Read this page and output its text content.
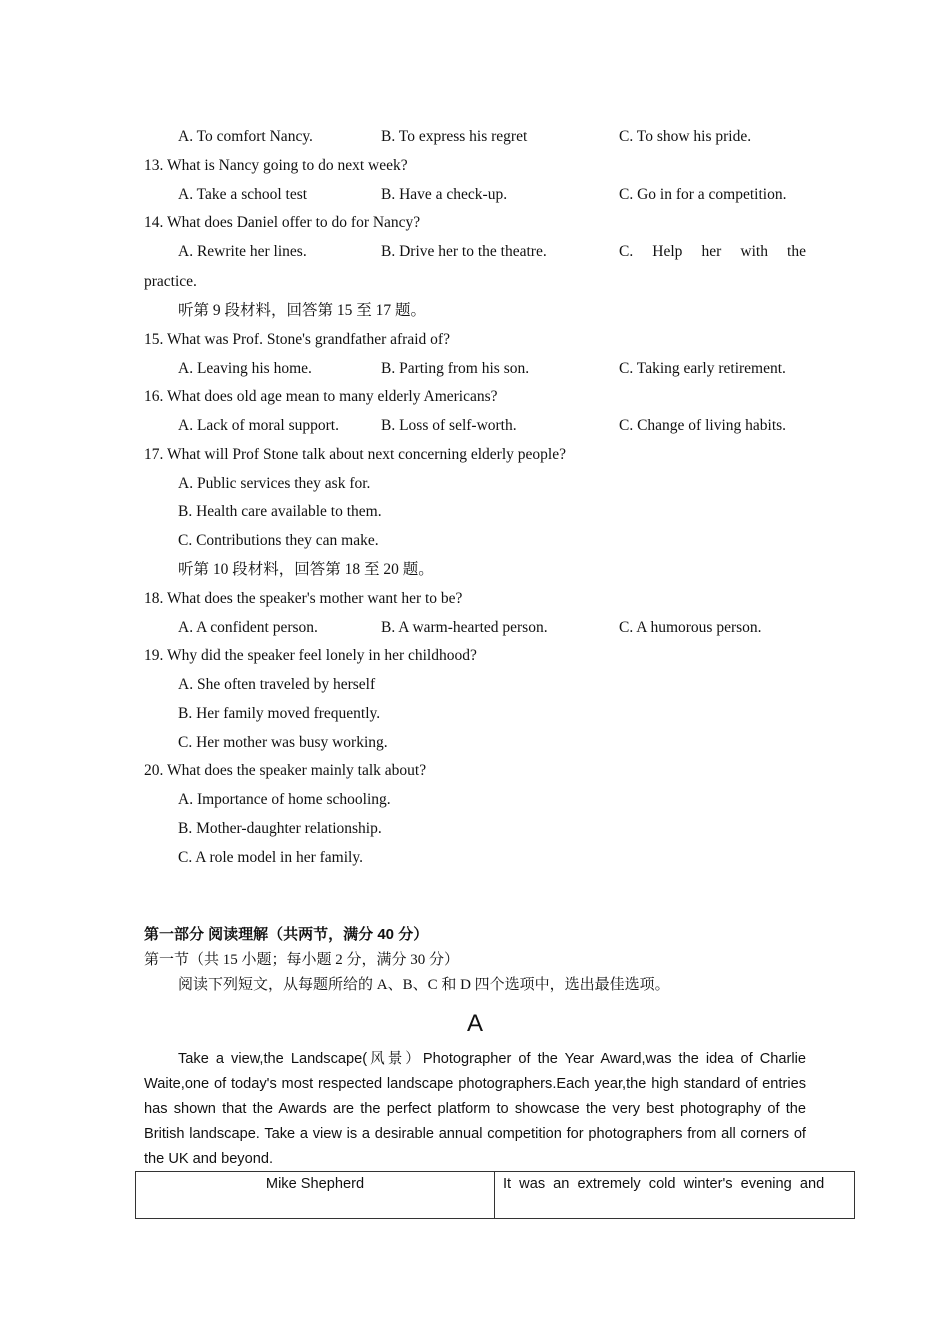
A. To comfort Nancy.	B. To express his regret	C. To show his pride.
13. What is Nancy going to do next week?
A. Take a school test	B. Have a check-up.	C. Go in for a competition.
14. What does Daniel offer to do for Nancy?
A. Rewrite her lines.	B. Drive her to the theatre.	C. Help her with the
practice.
听第 9 段材料，回答第 15 至 17 题。
15. What was Prof. Stone's grandfather afraid of?
A. Leaving his home.	B. Parting from his son.	C. Taking early retirement.
16. What does old age mean to many elderly Americans?
A. Lack of moral support.	B. Loss of self-worth.	C. Change of living habits.
17. What will Prof Stone talk about next concerning elderly people?
A. Public services they ask for.
B. Health care available to them.
C. Contributions they can make.
听第 10 段材料，回答第 18 至 20 题。
18. What does the speaker's mother want her to be?
A. A confident person.	B. A warm-hearted person.	C. A humorous person.
19. Why did the speaker feel lonely in her childhood?
A. She often traveled by herself
B. Her family moved frequently.
C. Her mother was busy working.
20. What does the speaker mainly talk about?
A. Importance of home schooling.
B. Mother-daughter relationship.
C. A role model in her family.
第一部分 阅读理解（共两节，满分 40 分）
第一节（共 15 小题；每小题 2 分，满分 30 分）
阅读下列短文，从每题所给的 A、B、C 和 D 四个选项中，选出最佳选项。
A
Take a view,the Landscape(风景）Photographer of the Year Award,was the idea of Charlie Waite,one of today's most respected landscape photographers.Each year,the high standard of entries has shown that the Awards are the perfect platform to showcase the very best photography of the British landscape. Take a view is a desirable annual competition for photographers from all corners of the UK and beyond.
Mike Shepherd	It was an extremely cold winter's evening and
